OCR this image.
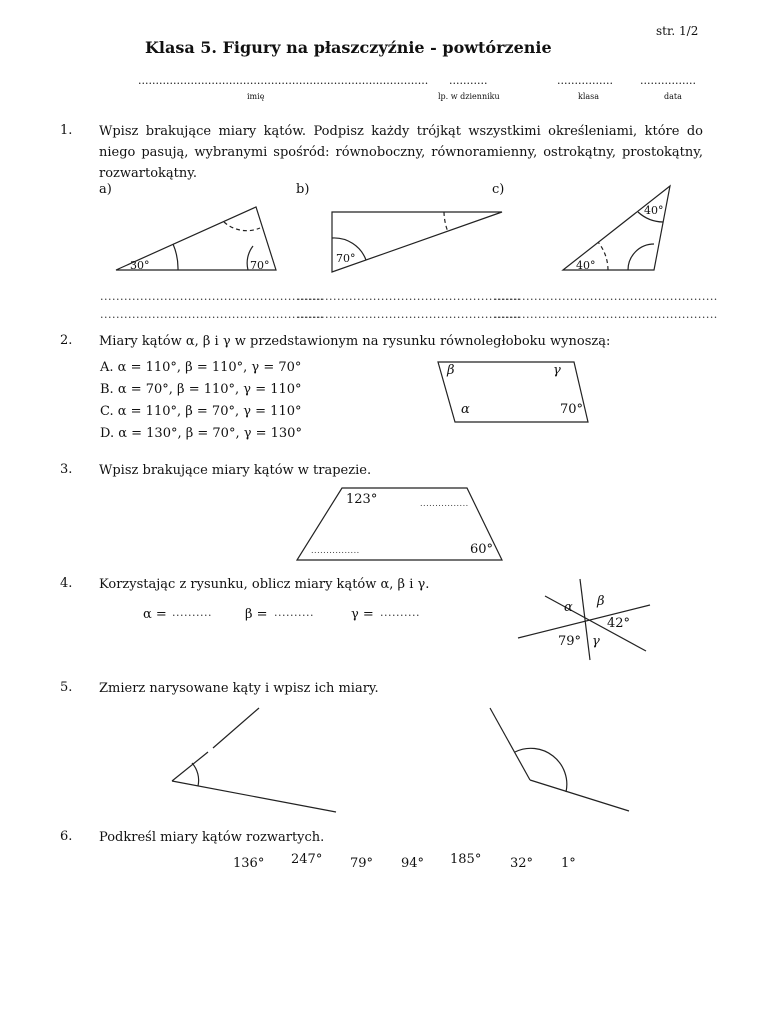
str. 1/2
Klasa 5. Figury na płaszczyźnie - powtórzenie
...................................................................................
imię
...........
lp. w dzienniku
................
klasa
................
data
1. Wpisz brakujące miary kątów. Podpisz każdy trójkąt wszystkimi określeniami, które do niego pasują, wybranymi spośród: równoboczny, równoramienny, ostrokątny, prostokątny, rozwartokątny.
a)	b)	c)
30°	70°
70°
40°
40°
........................................................
........................................................
........................................................
........................................................
........................................................
........................................................
2. Miary kątów α, β i γ w przedstawionym na rysunku równoległoboku wynoszą:
A. α = 110°, β = 110°, γ = 70°
B. α = 70°, β = 110°, γ = 110°
C. α = 110°, β = 70°, γ = 110°
D. α = 130°, β = 70°, γ = 130°
β	γ
α	70°
3. Wpisz brakujące miary kątów w trapezie.
123°	................
................	60°
4. Korzystając z rysunku, oblicz miary kątów α, β i γ.
α = ..........	β = ..........	γ = ..........	α β
42°
79° γ
5. Zmierz narysowane kąty i wpisz ich miary.
6. Podkreśl miary kątów rozwartych.
136° 247° 79° 94° 185° 32° 1°
